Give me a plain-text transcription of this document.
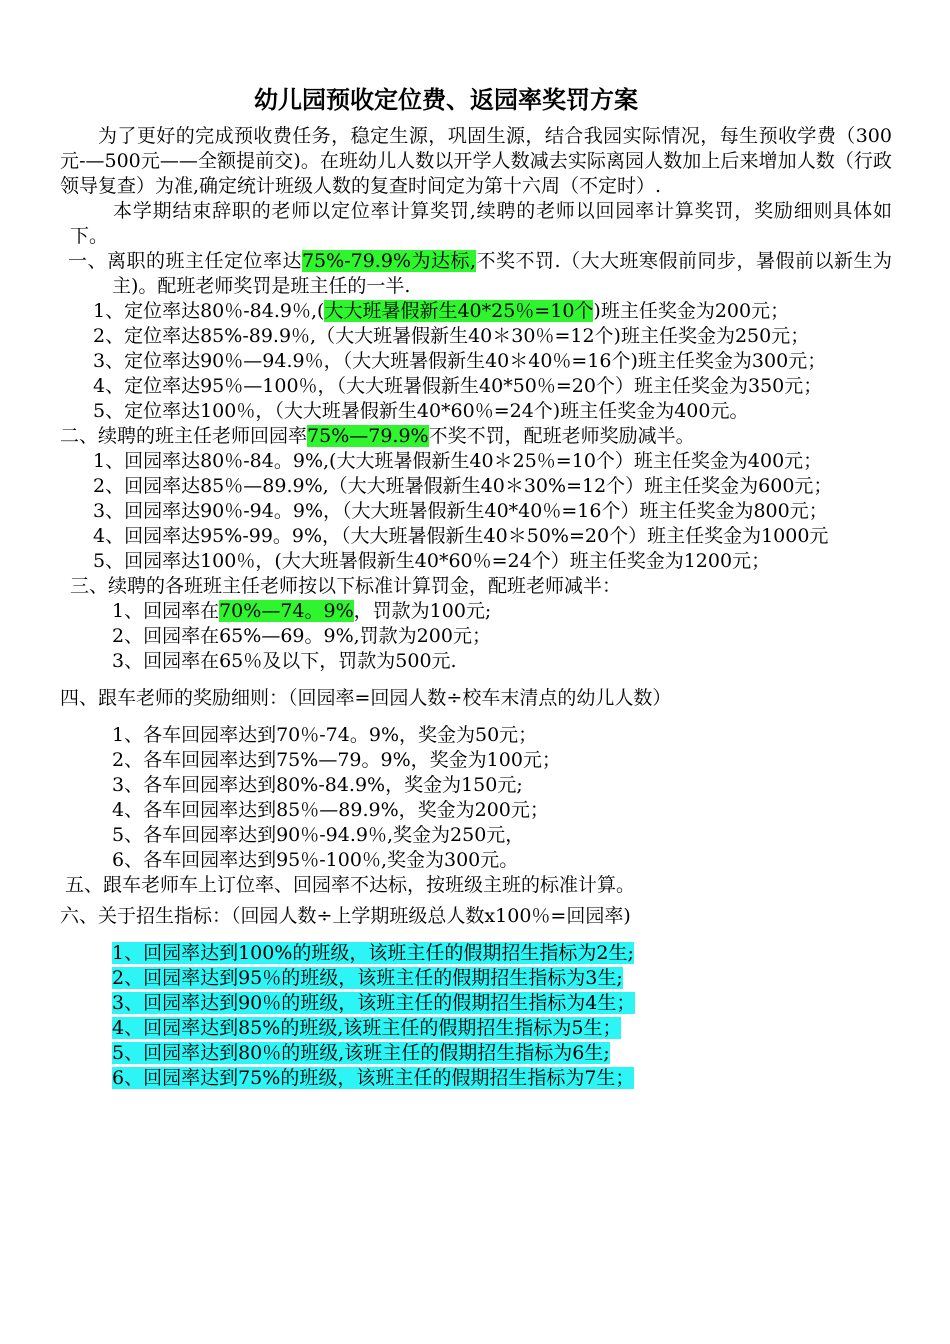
幼儿园预收定位费、返园率奖罚方案

为了更好的完成预收费任务，稳定生源，巩固生源，结合我园实际情况，每生预收学费（300元-—500元——全额提前交)。在班幼儿人数以开学人数减去实际离园人数加上后来增加人数（行政领导复查）为准,确定统计班级人数的复查时间定为第十六周（不定时）.

本学期结束辞职的老师以定位率计算奖罚,续聘的老师以回园率计算奖罚，奖励细则具体如下。

一、离职的班主任定位率达75%-79.9%为达标,不奖不罚.（大大班寒假前同步，暑假前以新生为主)。配班老师奖罚是班主任的一半.

1、定位率达80％-84.9％,(大大班暑假新生40*25％=10个)班主任奖金为200元；

2、定位率达85%-89.9％,（大大班暑假新生40＊30％=12个)班主任奖金为250元；

3、定位率达90％—94.9％，（大大班暑假新生40＊40％=16个)班主任奖金为300元；

4、定位率达95％—100％，（大大班暑假新生40*50％=20个）班主任奖金为350元；

5、定位率达100％，（大大班暑假新生40*60％=24个)班主任奖金为400元。

二、续聘的班主任老师回园率75%—79.9%不奖不罚，配班老师奖励减半。

1、回园率达80％-84。9%,(大大班暑假新生40＊25％=10个）班主任奖金为400元；

2、回园率达85％—89.9%,（大大班暑假新生40＊30%=12个）班主任奖金为600元；

3、回园率达90％-94。9%，（大大班暑假新生40*40％=16个）班主任奖金为800元；

4、回园率达95%-99。9%，（大大班暑假新生40＊50%=20个）班主任奖金为1000元

5、回园率达100％，(大大班暑假新生40*60％=24个）班主任奖金为1200元；

三、续聘的各班班主任老师按以下标准计算罚金，配班老师减半：

1、回园率在70%—74。9%，罚款为100元;

2、回园率在65%—69。9%,罚款为200元；

3、回园率在65％及以下，罚款为500元.

四、跟车老师的奖励细则：（回园率=回园人数÷校车末清点的幼儿人数）

1、各车回园率达到70％-74。9%，奖金为50元；

2、各车回园率达到75%—79。9%，奖金为100元；

3、各车回园率达到80%-84.9%，奖金为150元;

4、各车回园率达到85％—89.9%，奖金为200元；

5、各车回园率达到90％-94.9％,奖金为250元，

6、各车回园率达到95％-100％,奖金为300元。

五、跟车老师车上订位率、回园率不达标，按班级主班的标准计算。

六、关于招生指标：（回园人数÷上学期班级总人数x100％=回园率)

1、回园率达到100%的班级，该班主任的假期招生指标为2生;

2、回园率达到95％的班级，该班主任的假期招生指标为3生;

3、回园率达到90％的班级，该班主任的假期招生指标为4生；

4、回园率达到85%的班级,该班主任的假期招生指标为5生；

5、回园率达到80％的班级,该班主任的假期招生指标为6生;

6、回园率达到75%的班级，该班主任的假期招生指标为7生；
